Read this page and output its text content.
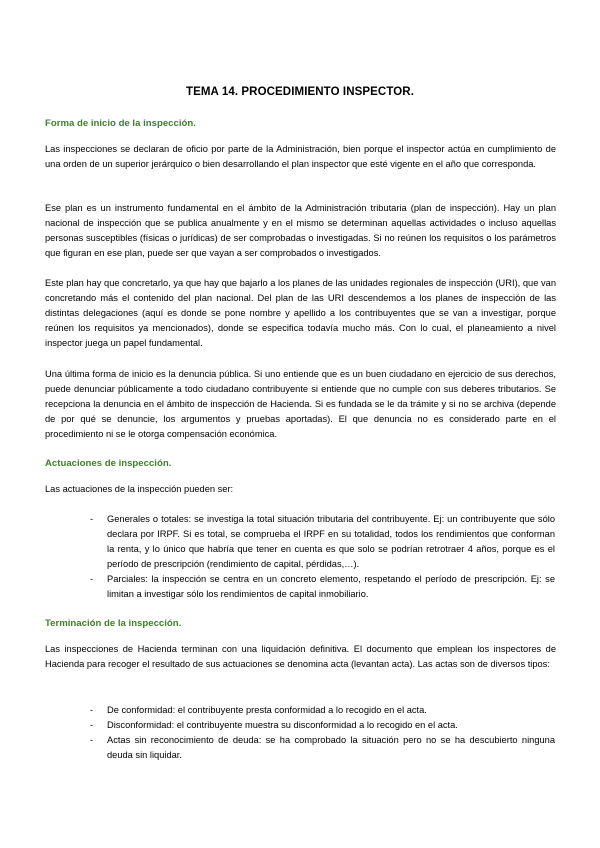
TEMA 14. PROCEDIMIENTO INSPECTOR.
Forma de inicio de la inspección.

Las inspecciones se declaran de oficio por parte de la Administración, bien porque el inspector actúa en cumplimiento de una orden de un superior jerárquico o bien desarrollando el plan inspector que esté vigente en el año que corresponda.

Ese plan es un instrumento fundamental en el ámbito de la Administración tributaria (plan de inspección). Hay un plan nacional de inspección que se publica anualmente y en el mismo se determinan aquellas actividades o incluso aquellas personas susceptibles (físicas o jurídicas) de ser comprobadas o investigadas. Si no reúnen los requisitos o los parámetros que figuran en ese plan, puede ser que vayan a ser comprobados o investigados.

Este plan hay que concretarlo, ya que hay que bajarlo a los planes de las unidades regionales de inspección (URI), que van concretando más el contenido del plan nacional. Del plan de las URI descendemos a los planes de inspección de las distintas delegaciones (aquí es donde se pone nombre y apellido a los contribuyentes que se van a investigar, porque reúnen los requisitos ya mencionados), donde se especifica todavía mucho más. Con lo cual, el planeamiento a nivel inspector juega un papel fundamental.

Una última forma de inicio es la denuncia pública. Si uno entiende que es un buen ciudadano en ejercicio de sus derechos, puede denunciar públicamente a todo ciudadano contribuyente si entiende que no cumple con sus deberes tributarios. Se recepciona la denuncia en el ámbito de inspección de Hacienda. Si es fundada se le da trámite y si no se archiva (depende de por qué se denuncie, los argumentos y pruebas aportadas). El que denuncia no es considerado parte en el procedimiento ni se le otorga compensación económica.

Actuaciones de inspección.

Las actuaciones de la inspección pueden ser:

- Generales o totales: se investiga la total situación tributaria del contribuyente. Ej: un contribuyente que sólo declara por IRPF. Si es total, se comprueba el IRPF en su totalidad, todos los rendimientos que conforman la renta, y lo único que habría que tener en cuenta es que solo se podrían retrotraer 4 años, porque es el período de prescripción (rendimiento de capital, pérdidas,…).
- Parciales: la inspección se centra en un concreto elemento, respetando el período de prescripción. Ej: se limitan a investigar sólo los rendimientos de capital inmobiliario.
Terminación de la inspección.

Las inspecciones de Hacienda terminan con una liquidación definitiva. El documento que emplean los inspectores de Hacienda para recoger el resultado de sus actuaciones se denomina acta (levantan acta). Las actas son de diversos tipos:

- De conformidad: el contribuyente presta conformidad a lo recogido en el acta.
- Disconformidad: el contribuyente muestra su disconformidad a lo recogido en el acta.
- Actas sin reconocimiento de deuda: se ha comprobado la situación pero no se ha descubierto ninguna deuda sin liquidar.
